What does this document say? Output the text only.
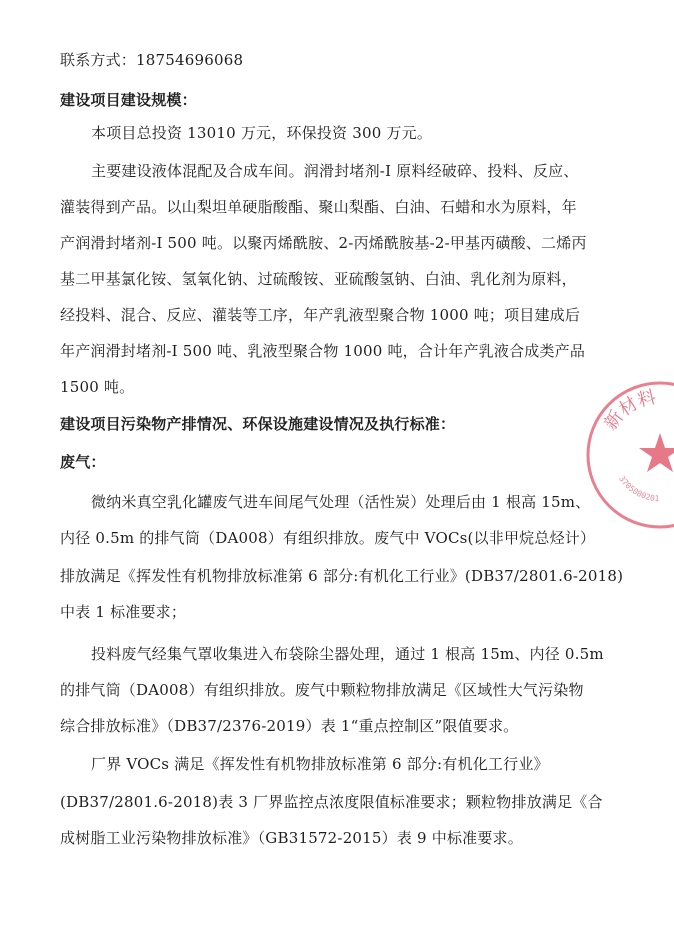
联系方式：18754696068
建设项目建设规模：
本项目总投资 13010 万元，环保投资 300 万元。
主要建设液体混配及合成车间。润滑封堵剂-I 原料经破碎、投料、反应、
灌装得到产品。以山梨坦单硬脂酸酯、聚山梨酯、白油、石蜡和水为原料，年
产润滑封堵剂-I 500 吨。以聚丙烯酰胺、2-丙烯酰胺基-2-甲基丙磺酸、二烯丙
基二甲基氯化铵、氢氧化钠、过硫酸铵、亚硫酸氢钠、白油、乳化剂为原料，
经投料、混合、反应、灌装等工序，年产乳液型聚合物 1000 吨；项目建成后
年产润滑封堵剂-I 500 吨、乳液型聚合物 1000 吨，合计年产乳液合成类产品
1500 吨。
建设项目污染物产排情况、环保设施建设情况及执行标准：
废气：
微纳米真空乳化罐废气进车间尾气处理（活性炭）处理后由 1 根高 15m、
内径 0.5m 的排气筒（DA008）有组织排放。废气中 VOCs(以非甲烷总烃计）
排放满足《挥发性有机物排放标准第 6 部分:有机化工行业》(DB37/2801.6-2018)
中表 1 标准要求；
投料废气经集气罩收集进入布袋除尘器处理，通过 1 根高 15m、内径 0.5m
的排气筒（DA008）有组织排放。废气中颗粒物排放满足《区域性大气污染物
综合排放标准》（DB37/2376-2019）表 1“重点控制区”限值要求。
厂界 VOCs 满足《挥发性有机物排放标准第 6 部分:有机化工行业》
(DB37/2801.6-2018)表 3 厂界监控点浓度限值标准要求；颗粒物排放满足《合
成树脂工业污染物排放标准》（GB31572-2015）表 9 中标准要求。
新材料
3705080201
